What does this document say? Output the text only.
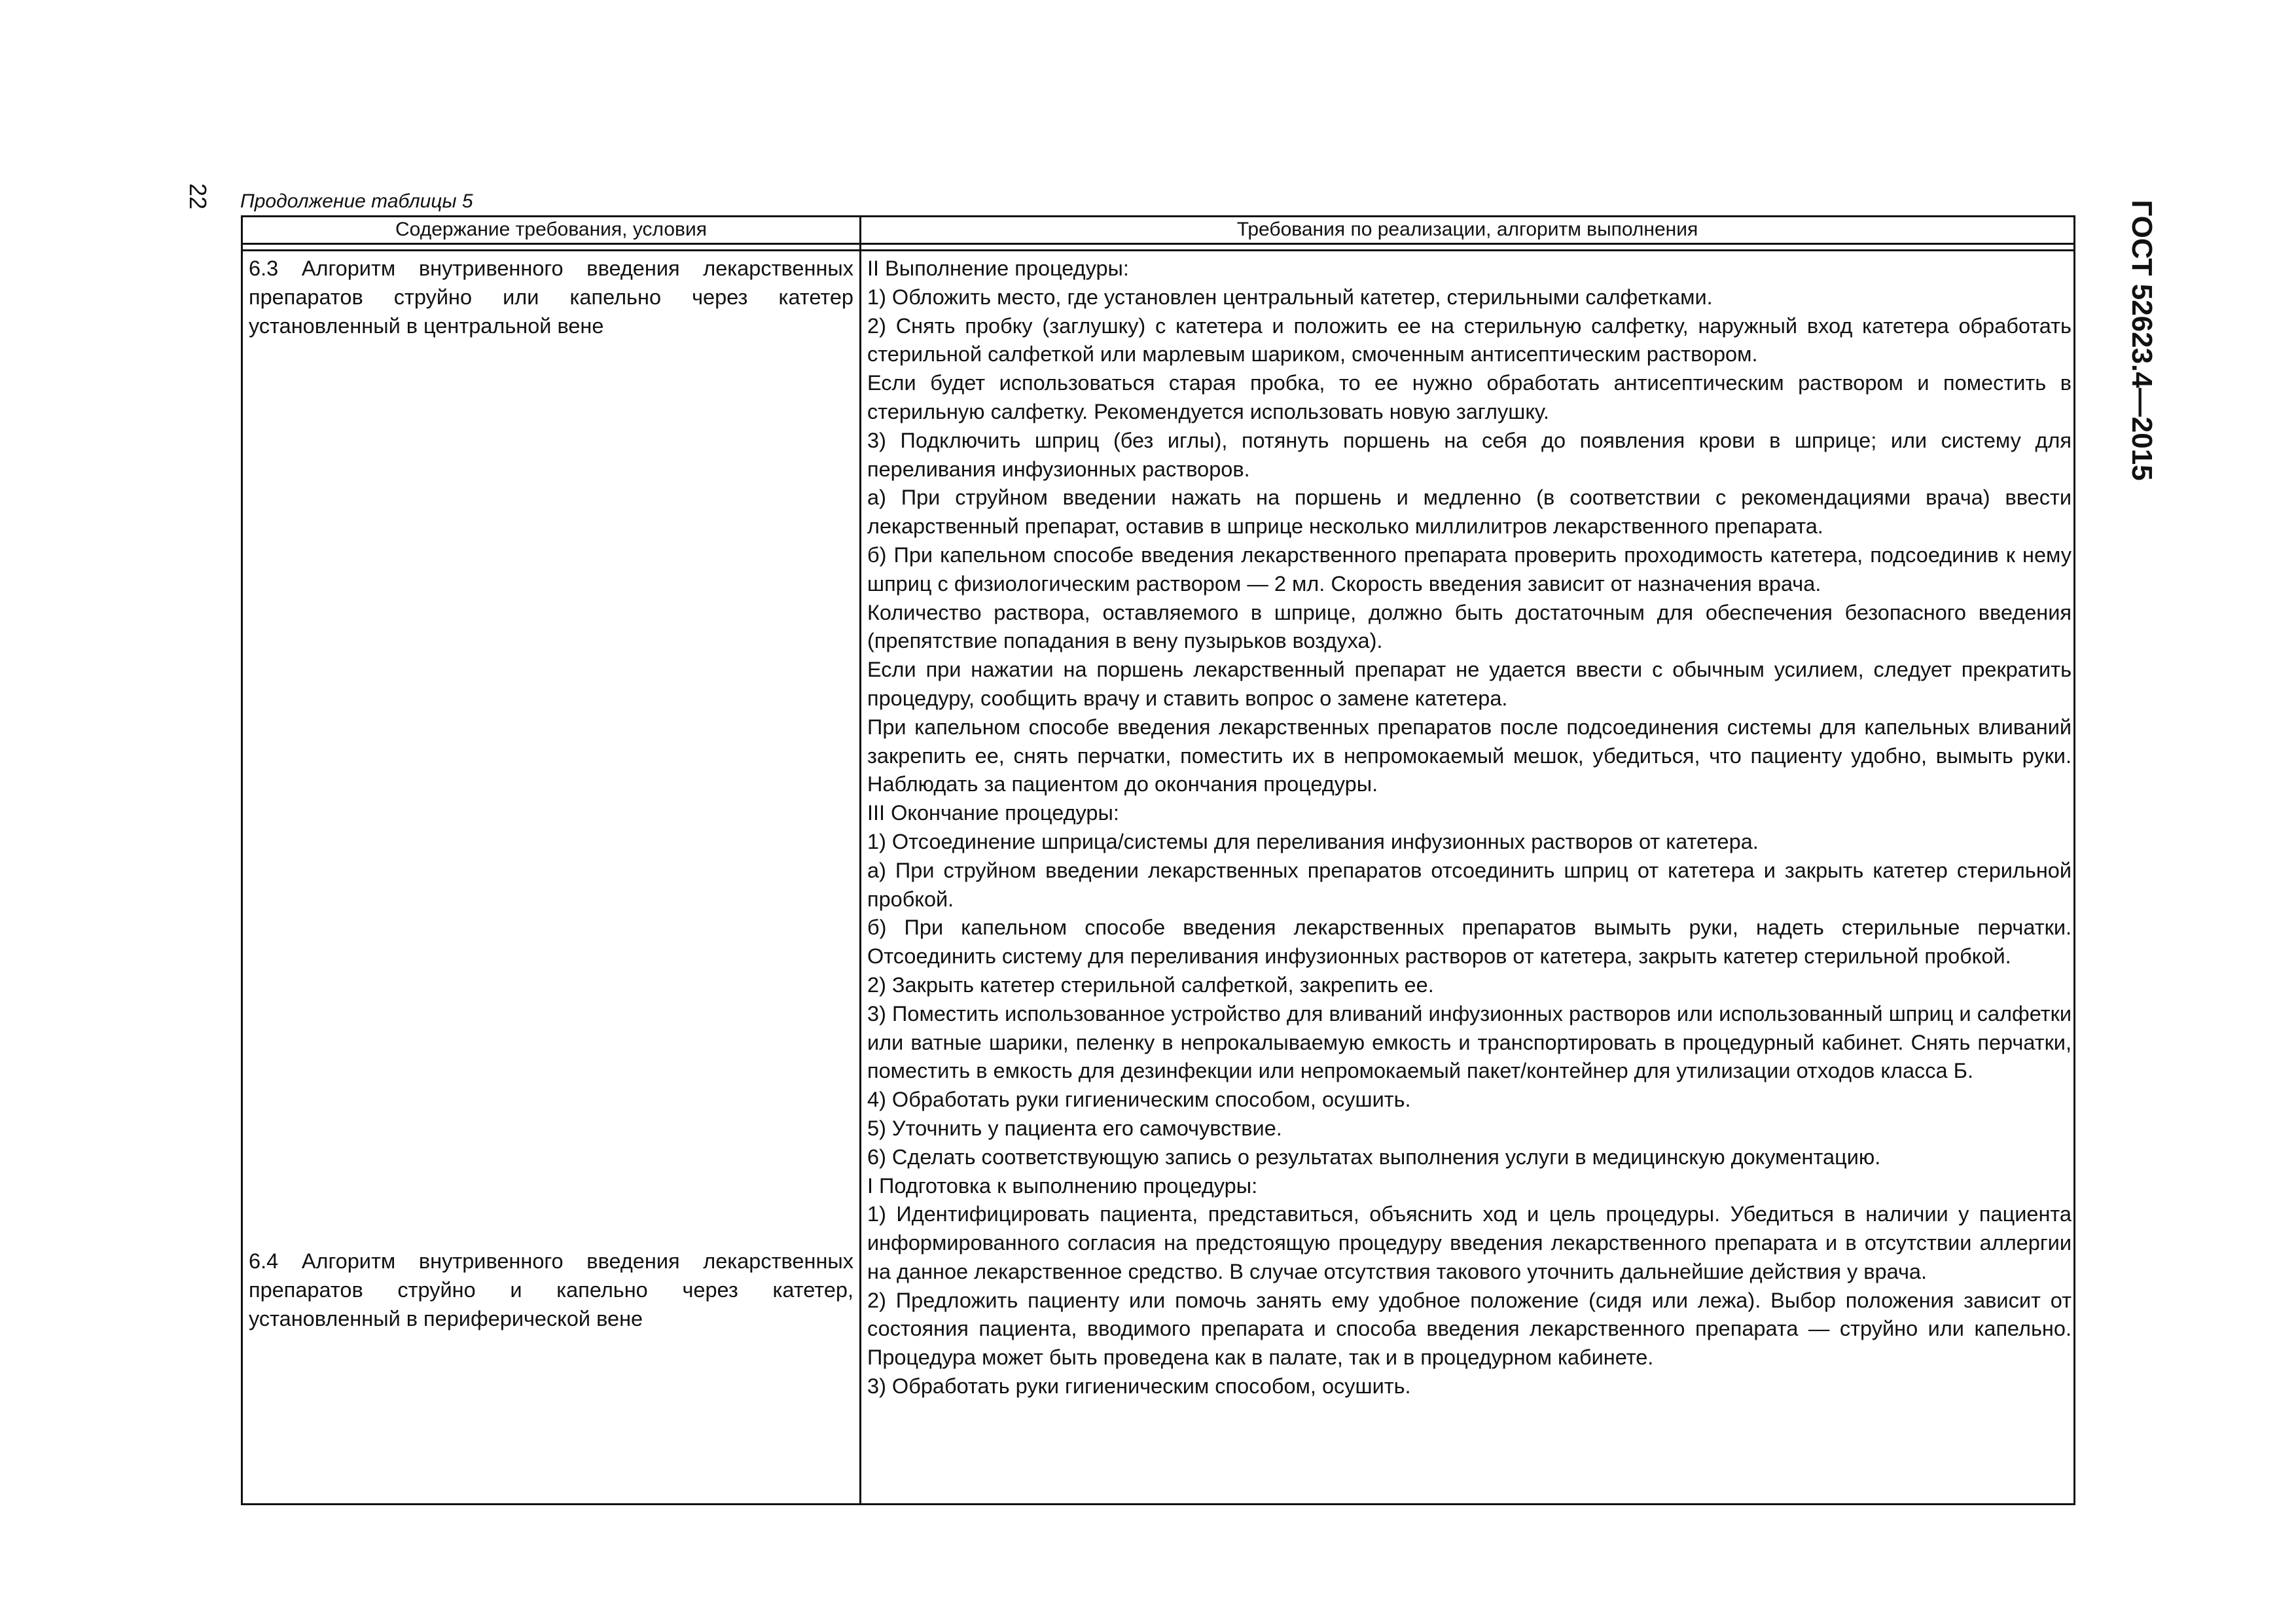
22
ГОСТ 52623.4—2015
Продолжение таблицы 5
Содержание требования, условия	Требования по реализации, алгоритм выполнения
6.3 Алгоритм внутривенного введения лекарственных препаратов струйно или капельно через катетер установленный в центральной вене
6.4 Алгоритм внутривенного введения лекарственных препаратов струйно и капельно через катетер, установленный в периферической вене

II Выполнение процедуры:

1) Обложить место, где установлен центральный катетер, стерильными салфетками.

2) Снять пробку (заглушку) с катетера и положить ее на стерильную салфетку, наружный вход катетера обработать стерильной салфеткой или марлевым шариком, смоченным антисептическим раствором.

Если будет использоваться старая пробка, то ее нужно обработать антисептическим раствором и поместить в стерильную салфетку. Рекомендуется использовать новую заглушку.

3) Подключить шприц (без иглы), потянуть поршень на себя до появления крови в шприце; или систему для переливания инфузионных растворов.

а) При струйном введении нажать на поршень и медленно (в соответствии с рекомендациями врача) ввести лекарственный препарат, оставив в шприце несколько миллилитров лекарственного препарата.

б) При капельном способе введения лекарственного препарата проверить проходимость катетера, подсоединив к нему шприц с физиологическим раствором — 2 мл. Скорость введения зависит от назначения врача.

Количество раствора, оставляемого в шприце, должно быть достаточным для обеспечения безопасного введения (препятствие попадания в вену пузырьков воздуха).

Если при нажатии на поршень лекарственный препарат не удается ввести с обычным усилием, следует прекратить процедуру, сообщить врачу и ставить вопрос о замене катетера.

При капельном способе введения лекарственных препаратов после подсоединения системы для капельных вливаний закрепить ее, снять перчатки, поместить их в непромокаемый мешок, убедиться, что пациенту удобно, вымыть руки. Наблюдать за пациентом до окончания процедуры.

III Окончание процедуры:

1) Отсоединение шприца/системы для переливания инфузионных растворов от катетера.

а) При струйном введении лекарственных препаратов отсоединить шприц от катетера и закрыть катетер стерильной пробкой.

б) При капельном способе введения лекарственных препаратов вымыть руки, надеть стерильные перчатки. Отсоединить систему для переливания инфузионных растворов от катетера, закрыть катетер стерильной пробкой.

2) Закрыть катетер стерильной салфеткой, закрепить ее.

3) Поместить использованное устройство для вливаний инфузионных растворов или использованный шприц и салфетки или ватные шарики, пеленку в непрокалываемую емкость и транспортировать в процедурный кабинет. Снять перчатки, поместить в емкость для дезинфекции или непромокаемый пакет/контейнер для утилизации отходов класса Б.

4) Обработать руки гигиеническим способом, осушить.

5) Уточнить у пациента его самочувствие.

6) Сделать соответствующую запись о результатах выполнения услуги в медицинскую документацию.

I Подготовка к выполнению процедуры:

1) Идентифицировать пациента, представиться, объяснить ход и цель процедуры. Убедиться в наличии у пациента информированного согласия на предстоящую процедуру введения лекарственного препарата и в отсутствии аллергии на данное лекарственное средство. В случае отсутствия такового уточнить дальнейшие действия у врача.

2) Предложить пациенту или помочь занять ему удобное положение (сидя или лежа). Выбор положения зависит от состояния пациента, вводимого препарата и способа введения лекарственного препарата — струйно или капельно. Процедура может быть проведена как в палате, так и в процедурном кабинете.

3) Обработать руки гигиеническим способом, осушить.
